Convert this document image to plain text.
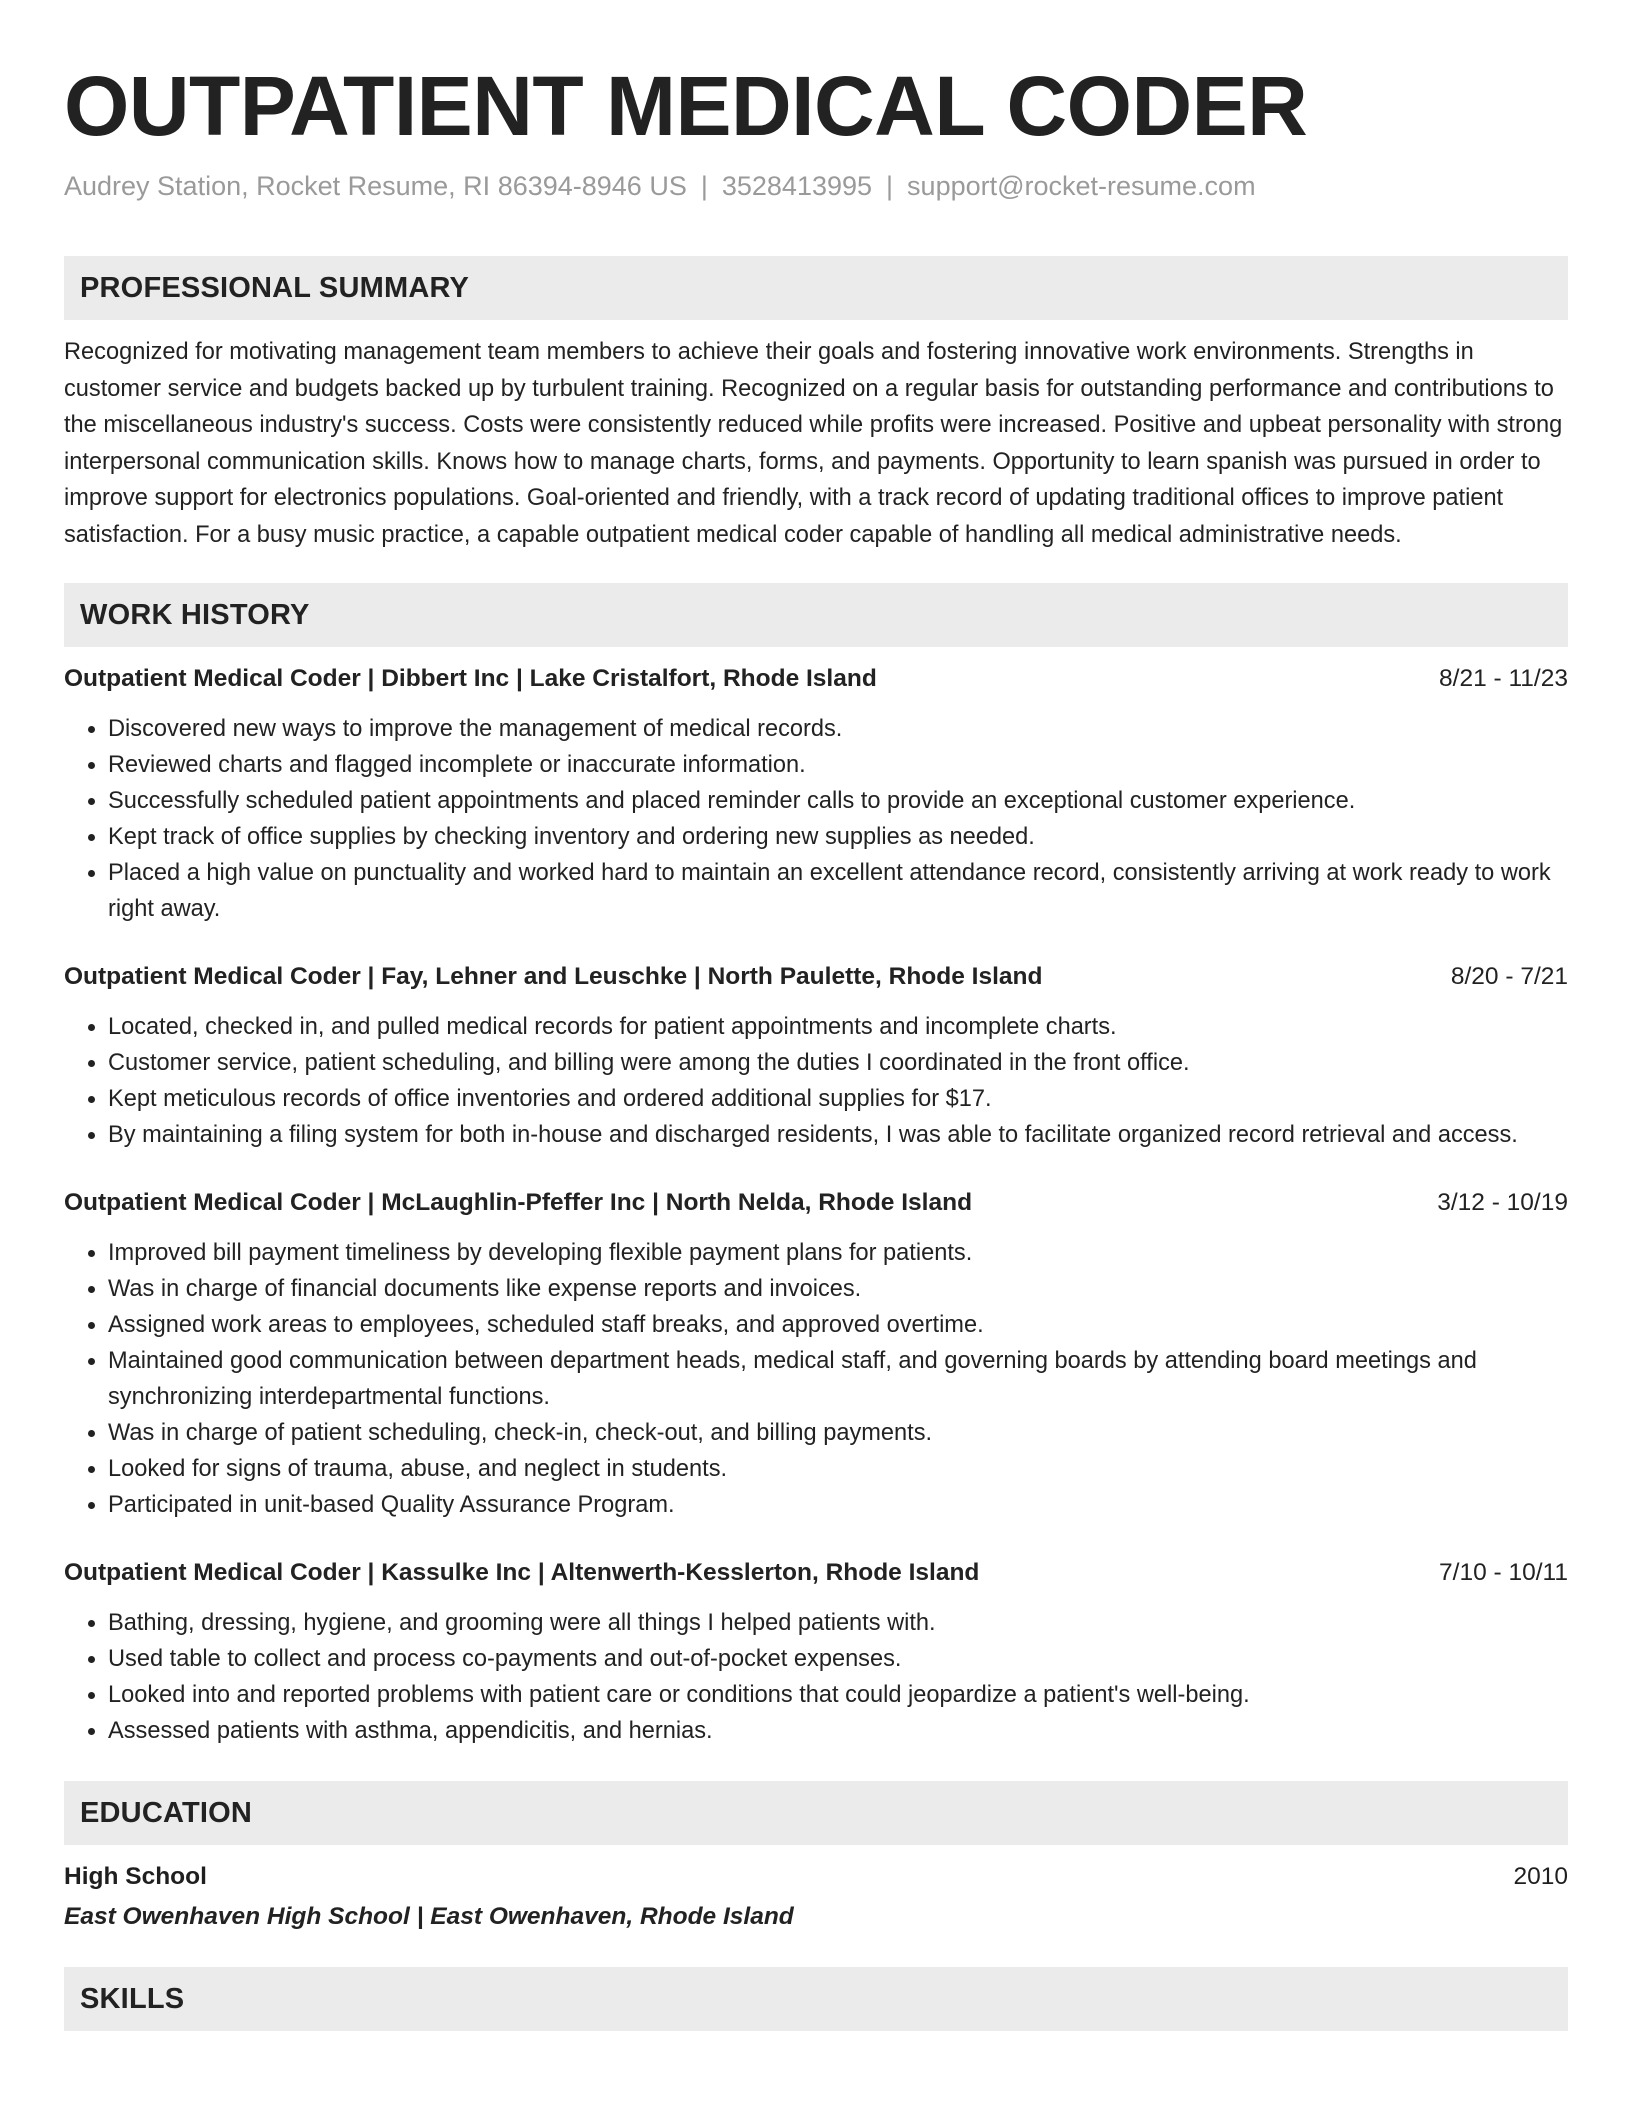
OUTPATIENT MEDICAL CODER
Audrey Station, Rocket Resume, RI 86394-8946 US | 3528413995 | support@rocket-resume.com
PROFESSIONAL SUMMARY
Recognized for motivating management team members to achieve their goals and fostering innovative work environments. Strengths in customer service and budgets backed up by turbulent training. Recognized on a regular basis for outstanding performance and contributions to the miscellaneous industry's success. Costs were consistently reduced while profits were increased. Positive and upbeat personality with strong interpersonal communication skills. Knows how to manage charts, forms, and payments. Opportunity to learn spanish was pursued in order to improve support for electronics populations. Goal-oriented and friendly, with a track record of updating traditional offices to improve patient satisfaction. For a busy music practice, a capable outpatient medical coder capable of handling all medical administrative needs.
WORK HISTORY
Outpatient Medical Coder | Dibbert Inc | Lake Cristalfort, Rhode Island	8/21 - 11/23
• Discovered new ways to improve the management of medical records.
• Reviewed charts and flagged incomplete or inaccurate information.
• Successfully scheduled patient appointments and placed reminder calls to provide an exceptional customer experience.
• Kept track of office supplies by checking inventory and ordering new supplies as needed.
• Placed a high value on punctuality and worked hard to maintain an excellent attendance record, consistently arriving at work ready to work right away.
Outpatient Medical Coder | Fay, Lehner and Leuschke | North Paulette, Rhode Island	8/20 - 7/21
• Located, checked in, and pulled medical records for patient appointments and incomplete charts.
• Customer service, patient scheduling, and billing were among the duties I coordinated in the front office.
• Kept meticulous records of office inventories and ordered additional supplies for $17.
• By maintaining a filing system for both in-house and discharged residents, I was able to facilitate organized record retrieval and access.
Outpatient Medical Coder | McLaughlin-Pfeffer Inc | North Nelda, Rhode Island	3/12 - 10/19
• Improved bill payment timeliness by developing flexible payment plans for patients.
• Was in charge of financial documents like expense reports and invoices.
• Assigned work areas to employees, scheduled staff breaks, and approved overtime.
• Maintained good communication between department heads, medical staff, and governing boards by attending board meetings and synchronizing interdepartmental functions.
• Was in charge of patient scheduling, check-in, check-out, and billing payments.
• Looked for signs of trauma, abuse, and neglect in students.
• Participated in unit-based Quality Assurance Program.
Outpatient Medical Coder | Kassulke Inc | Altenwerth-Kesslerton, Rhode Island	7/10 - 10/11
• Bathing, dressing, hygiene, and grooming were all things I helped patients with.
• Used table to collect and process co-payments and out-of-pocket expenses.
• Looked into and reported problems with patient care or conditions that could jeopardize a patient's well-being.
• Assessed patients with asthma, appendicitis, and hernias.
EDUCATION
High School	2010
East Owenhaven High School | East Owenhaven, Rhode Island
SKILLS
